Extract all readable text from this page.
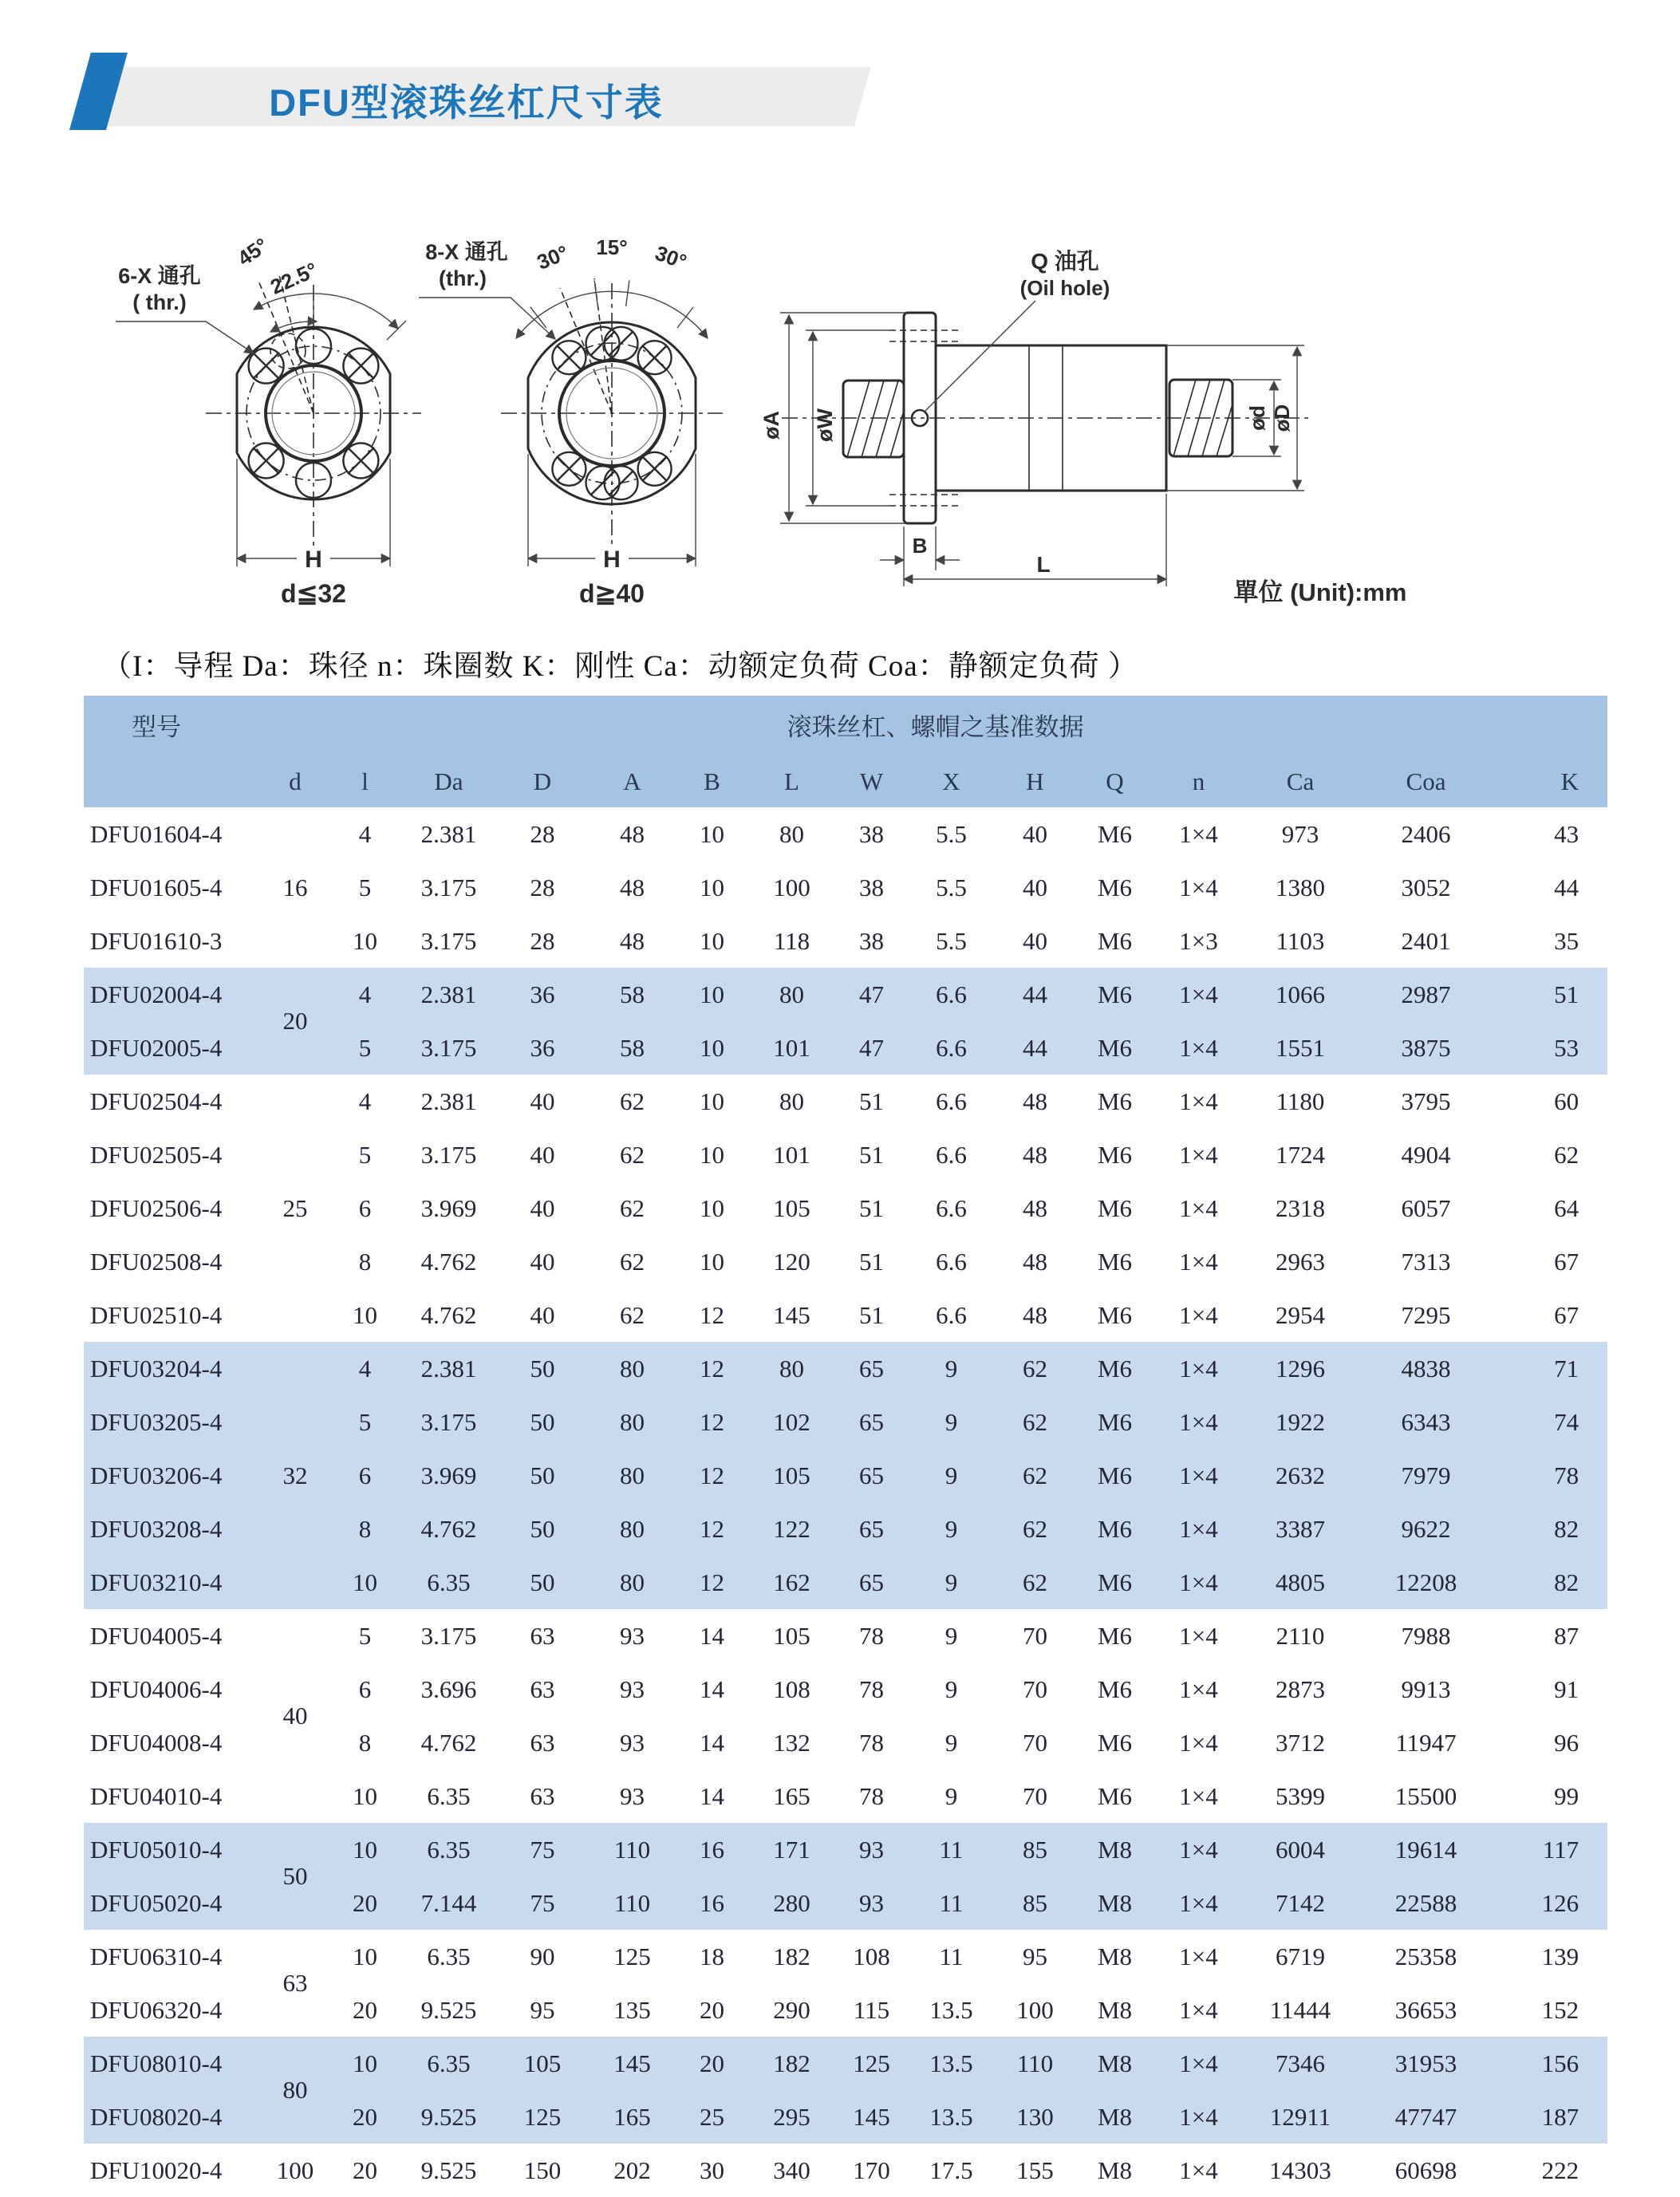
DFU型滚珠丝杠尺寸表
45°
22.5°
6-X 通孔
( thr.)
H
d≦32
30° 15° 30°
8-X 通孔
(thr.)
H
d≧40
Q 油孔
(Oil hole)
øA øW	ød øD
B
L
單位 (Unit):mm
（I：导程 Da：珠径 n：珠圈数 K：刚性 Ca：动额定负荷 Coa：静额定负荷 ）
型号	滚珠丝杠、螺帽之基准数据														
	d	l	Da	D	A	B	L	W	X	H	Q	n	Ca	Coa	K
DFU01604-4	16	4	2.381	28	48	10	80	38	5.5	40	M6	1×4	973	2406	43
DFU01605-4		5	3.175	28	48	10	100	38	5.5	40	M6	1×4	1380	3052	44
DFU01610-3		10	3.175	28	48	10	118	38	5.5	40	M6	1×3	1103	2401	35
DFU02004-4	20	4	2.381	36	58	10	80	47	6.6	44	M6	1×4	1066	2987	51
DFU02005-4		5	3.175	36	58	10	101	47	6.6	44	M6	1×4	1551	3875	53
DFU02504-4	25	4	2.381	40	62	10	80	51	6.6	48	M6	1×4	1180	3795	60
DFU02505-4		5	3.175	40	62	10	101	51	6.6	48	M6	1×4	1724	4904	62
DFU02506-4		6	3.969	40	62	10	105	51	6.6	48	M6	1×4	2318	6057	64
DFU02508-4		8	4.762	40	62	10	120	51	6.6	48	M6	1×4	2963	7313	67
DFU02510-4		10	4.762	40	62	12	145	51	6.6	48	M6	1×4	2954	7295	67
DFU03204-4	32	4	2.381	50	80	12	80	65	9	62	M6	1×4	1296	4838	71
DFU03205-4		5	3.175	50	80	12	102	65	9	62	M6	1×4	1922	6343	74
DFU03206-4		6	3.969	50	80	12	105	65	9	62	M6	1×4	2632	7979	78
DFU03208-4		8	4.762	50	80	12	122	65	9	62	M6	1×4	3387	9622	82
DFU03210-4		10	6.35	50	80	12	162	65	9	62	M6	1×4	4805	12208	82
DFU04005-4	40	5	3.175	63	93	14	105	78	9	70	M6	1×4	2110	7988	87
DFU04006-4		6	3.696	63	93	14	108	78	9	70	M6	1×4	2873	9913	91
DFU04008-4		8	4.762	63	93	14	132	78	9	70	M6	1×4	3712	11947	96
DFU04010-4		10	6.35	63	93	14	165	78	9	70	M6	1×4	5399	15500	99
DFU05010-4	50	10	6.35	75	110	16	171	93	11	85	M8	1×4	6004	19614	117
DFU05020-4		20	7.144	75	110	16	280	93	11	85	M8	1×4	7142	22588	126
DFU06310-4	63	10	6.35	90	125	18	182	108	11	95	M8	1×4	6719	25358	139
DFU06320-4		20	9.525	95	135	20	290	115	13.5	100	M8	1×4	11444	36653	152
DFU08010-4	80	10	6.35	105	145	20	182	125	13.5	110	M8	1×4	7346	31953	156
DFU08020-4		20	9.525	125	165	25	295	145	13.5	130	M8	1×4	12911	47747	187
DFU10020-4	100	20	9.525	150	202	30	340	170	17.5	155	M8	1×4	14303	60698	222
